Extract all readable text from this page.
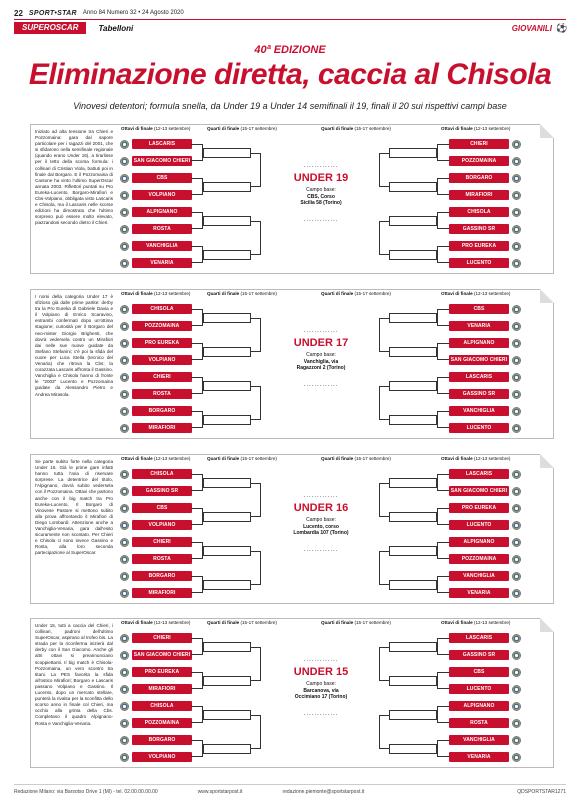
22 SPORT•STAR Anno 84 Numero 32 • 24 Agosto 2020
SUPEROSCAR	Tabelloni	GIOVANILI ⚽
40ª EDIZIONE
Eliminazione diretta, caccia al Chisola
Vinovesi detentori; formula snella, da Under 19 a Under 14 semifinali il 19, finali il 20 sui rispettivi campi base
Iniziato ad alta tensione tra Chieri e Pozzomaina: gara dal sapore particolare per i ragazzi del 2001, che si sfidarono nella semifinale regionale (quando erano Under 16), a tirarlisse per il tetto della scorsa formula: i collinari di Cristian Viola, battuti poi in finale dal Borgaro. E il Pozzomaina di Cantone ha vinto l'ultimo SuperOscar annata 2003. Riflettori puntati su Pro Eureka-Lucento, Borgaro-Mirafiori e Cbs-Volpiano, obbligata visto Lascaris e Chisola, ma il Lascaris nelle scorse edizioni ha dimostrato che l'ultimo sorpreso può essere molto elevato, piazzandosi secondo dietro il Chieri.
Ottavi di finale (12-13 settembre)	Quarti di finale (15-17 settembre)	Quarti di finale (15-17 settembre)	Ottavi di finale (12-13 settembre)
LASCARIS	CHIERI
SAN GIACOMO CHIERI	POZZOMAINA
CBS	BORGARO
VOLPIANO	MIRAFIORI
ALPIGNANO	CHISOLA
ROSTA	GASSINO SR
VANCHIGLIA	PRO EUREKA
VENARIA	LUCENTO
.............
UNDER 19
Campo base:
CBS, Corso
Sicilia 58 (Torino)
.............
I nomi della categoria Under 17 è sfizioso già dalle prime partite: derby tra la Pro Eureka di Gabriele Davia e il Volpiano di Enrico Scaravino, entrambi confermati dopo un'ottima stagione; curiosità per il Borgaro del neo-mister Giorgio Brighenti, che dovrà vedersela contro un Mirafiori dai nelle sue nuove guidate da Stefano Stefanini; c'è poi la sfida del cuore per Luca Stella (tecnico del Venaria) che ritrova la Cbs; la corazzata Lascaris affronta il Gassino. Vanchiglia e Chisola hanno di fronte le "2003" Lucento e Pozzomaina guidate da Alessandro Pietro e Andrea Mirasola.
Ottavi di finale (12-13 settembre)	Quarti di finale (15-17 settembre)	Quarti di finale (15-17 settembre)	Ottavi di finale (12-13 settembre)
CHISOLA	CBS
POZZOMAINA	VENARIA
PRO EUREKA	ALPIGNANO
VOLPIANO	SAN GIACOMO CHIERI
CHIERI	LASCARIS
ROSTA	GASSINO SR
BORGARO	VANCHIGLIA
MIRAFIORI	LUCENTO
.............
UNDER 17
Campo base:
Vanchiglia, via
Ragazzoni 2 (Torino)
.............
Se parte subito forte nella categoria Under 16. Già le prime gare infatti hanno tutta l'aria di riservare sorprese. La detentrice del titolo, l'Alpignano, dovrà subito vedersela con il Pozzomaina. Ottavi che partono anche con il big match tra Pro Eureka-Lucento, Il Borgaro di Vinovese Pastore si mettono subito alla prova affrontando il Mirafiori di Diego Lombardi. Attenzione anche a Vanchiglia-Venaria, gara dall'esito sicuramente non scontato. Per Chieri e Chisola ci sono invece Gassino e Rosta, alla loro seconda partecipazione al SuperOscar.
Ottavi di finale (12-13 settembre)	Quarti di finale (15-17 settembre)	Quarti di finale (15-17 settembre)	Ottavi di finale (12-13 settembre)
CHISOLA	LASCARIS
GASSINO SR	SAN GIACOMO CHIERI
CBS	PRO EUREKA
VOLPIANO	LUCENTO
CHIERI	ALPIGNANO
ROSTA	POZZOMAINA
BORGARO	VANCHIGLIA
MIRAFIORI	VENARIA
.............
UNDER 16
Campo base:
Lucento, corso
Lombardia 107 (Torino)
.............
Under 15, tutti a caccia del Chieri, i collinari, padroni dell'ultimo SuperOscar, aspirano al trofeo bis. La strada per la riconferma inizierà dal derby con il San Giacomo. Anche gli altri ottavi si preannunciano scoppiettanti. Il big match è Chisola-Pozzomaina, un vero scontro tra titani. La PES favorita la sfida all'ostico Mirafiori; Borgaro e Lascaris passano Volpiano e Gassino. Il Lucento, dopo un mercato stellare, punterà la rivalsa per la sconfitta dello scorso anno in finale col Chieri, ma occhio alla grinta della Cbs. Completano il quadro Alpignano-Rosta e Vanchiglia-Venaria.
Ottavi di finale (12-13 settembre)	Quarti di finale (15-17 settembre)	Quarti di finale (15-17 settembre)	Ottavi di finale (12-13 settembre)
CHIERI	LASCARIS
SAN GIACOMO CHIERI	GASSINO SR
PRO EUREKA	CBS
MIRAFIORI	LUCENTO
CHISOLA	ALPIGNANO
POZZOMAINA	ROSTA
BORGARO	VANCHIGLIA
VOLPIANO	VENARIA
.............
UNDER 15
Campo base:
Barcanova, via
Occimiano 17 (Torino)
.............
Redazione Milano: via Barsotso Drive 1 (MI) - tel. 02.00.00.00.00	www.sportstarpost.it	redazione.piemonte@sportstarpost.it	QDSPORTSTAR1271
